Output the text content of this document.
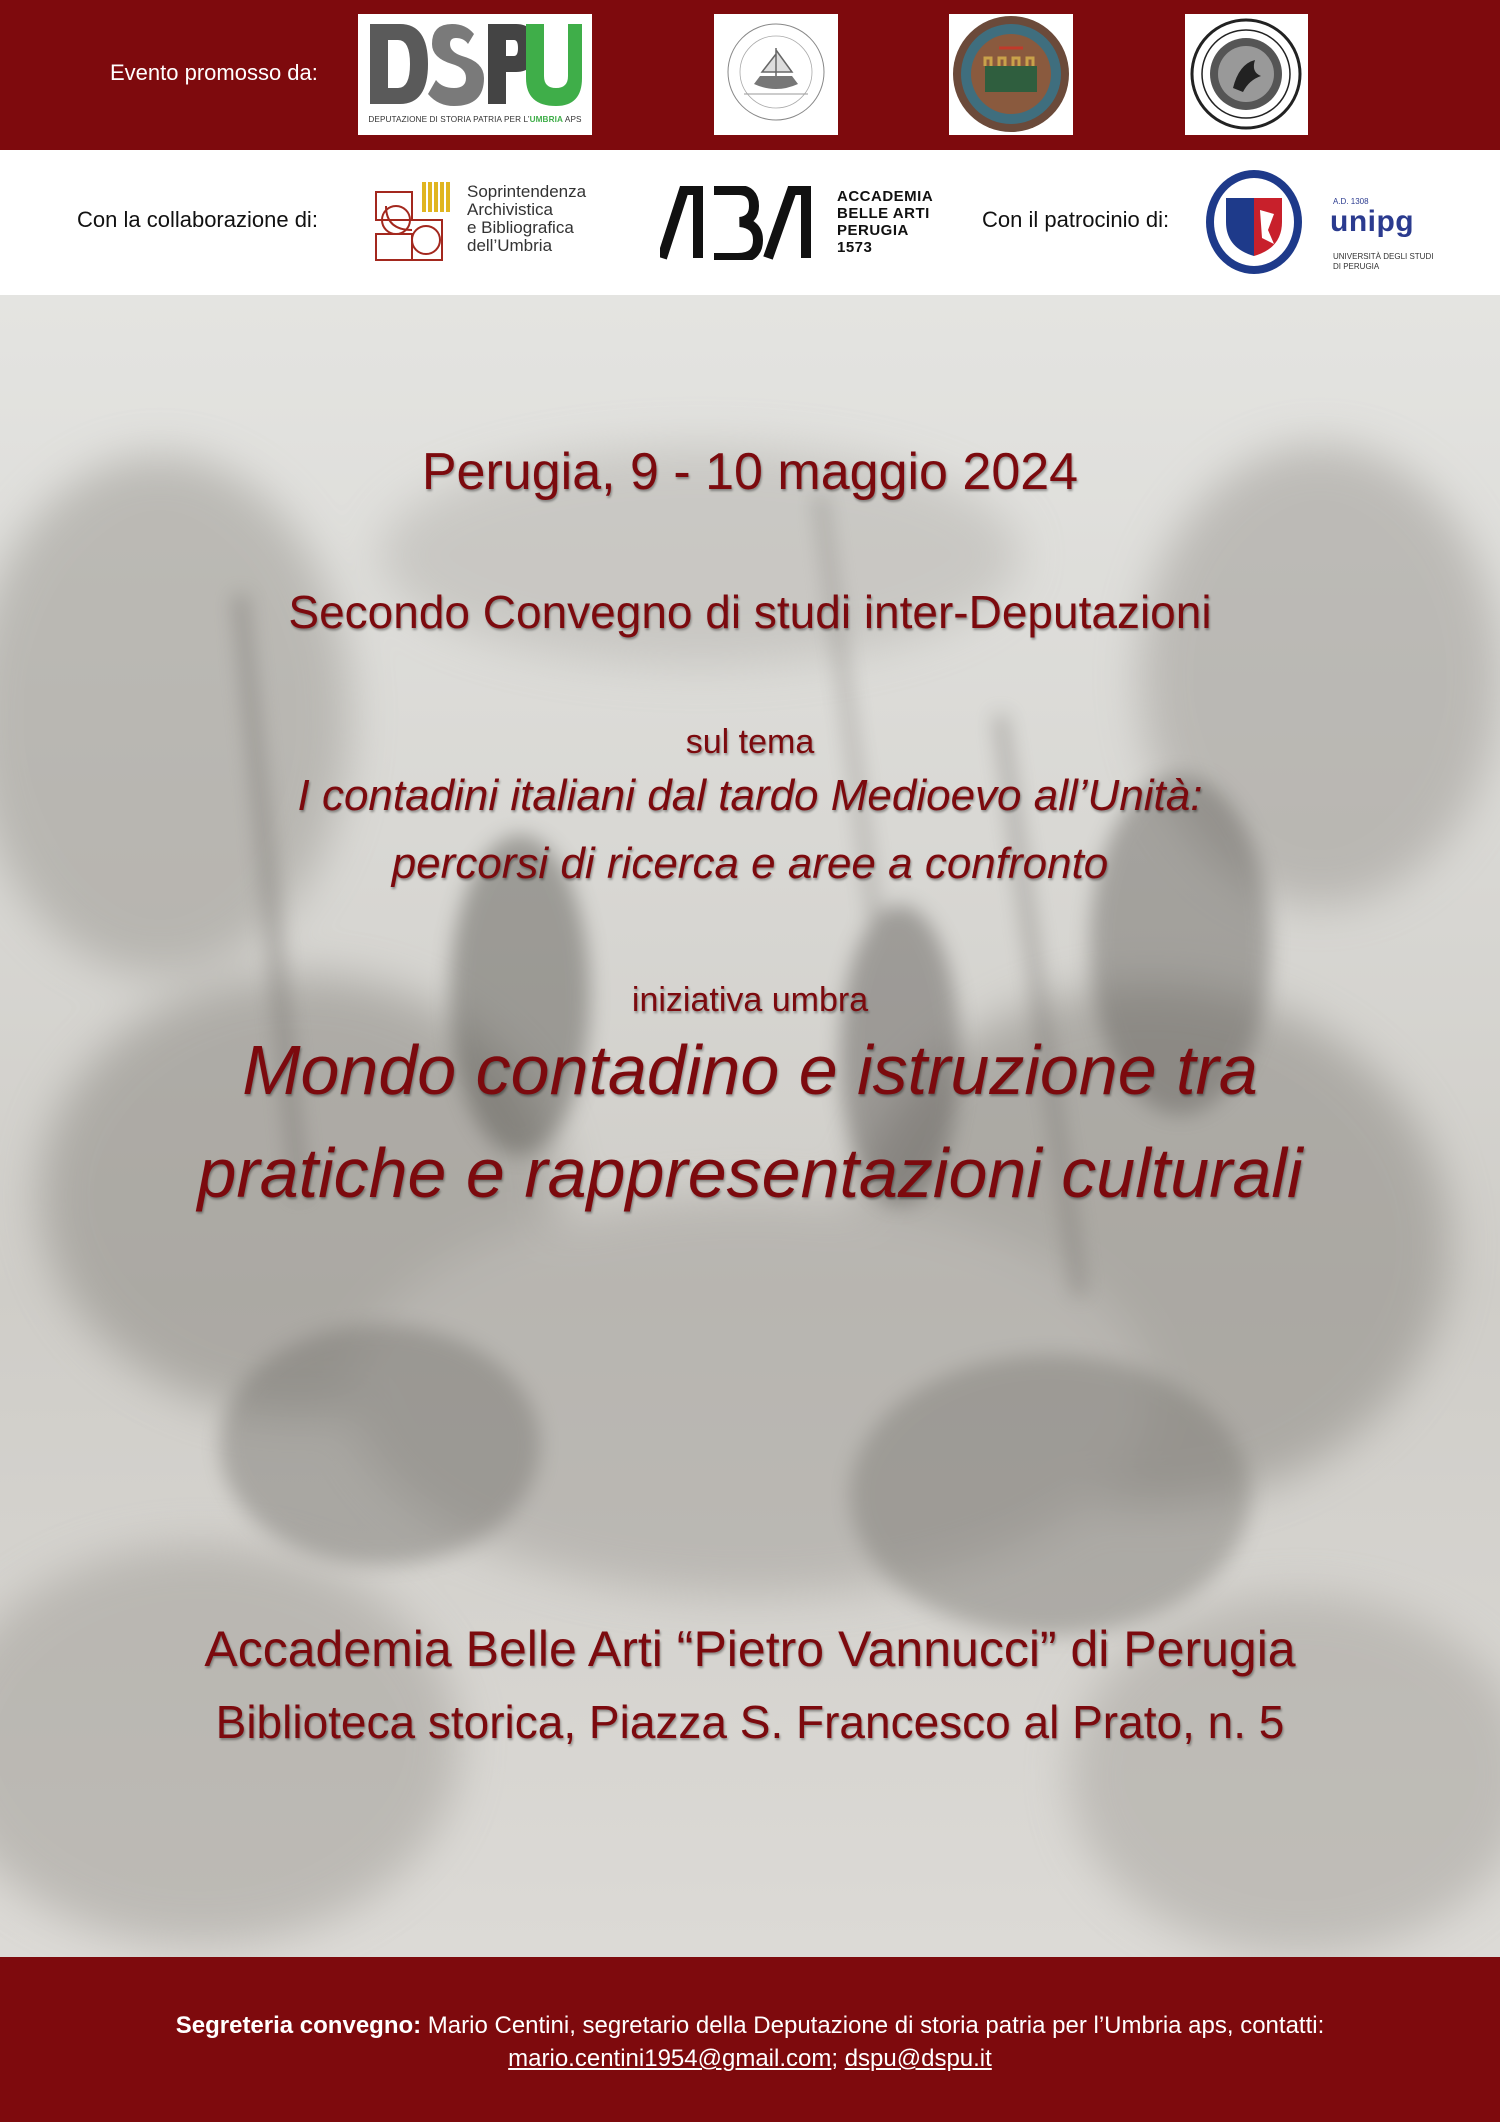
Evento promosso da:
DEPUTAZIONE DI STORIA PATRIA PER L’UMBRIA APS
Con la collaborazione di:
Soprintendenza
Archivistica
e Bibliografica
dell’Umbria
ACCADEMIA
BELLE ARTI
PERUGIA
1573
Con il patrocinio di:
A.D. 1308
unipg
UNIVERSITÀ DEGLI STUDI
DI PERUGIA
Perugia, 9 - 10 maggio 2024
Secondo Convegno di studi inter-Deputazioni
sul tema
I contadini italiani dal tardo Medioevo all’Unità:
percorsi di ricerca e aree a confronto
iniziativa umbra
Mondo contadino e istruzione tra
pratiche e rappresentazioni culturali
Accademia Belle Arti “Pietro Vannucci” di Perugia
Biblioteca storica, Piazza S. Francesco al Prato, n. 5
Segreteria convegno: Mario Centini, segretario della Deputazione di storia patria per l’Umbria aps, contatti:
mario.centini1954@gmail.com; dspu@dspu.it
